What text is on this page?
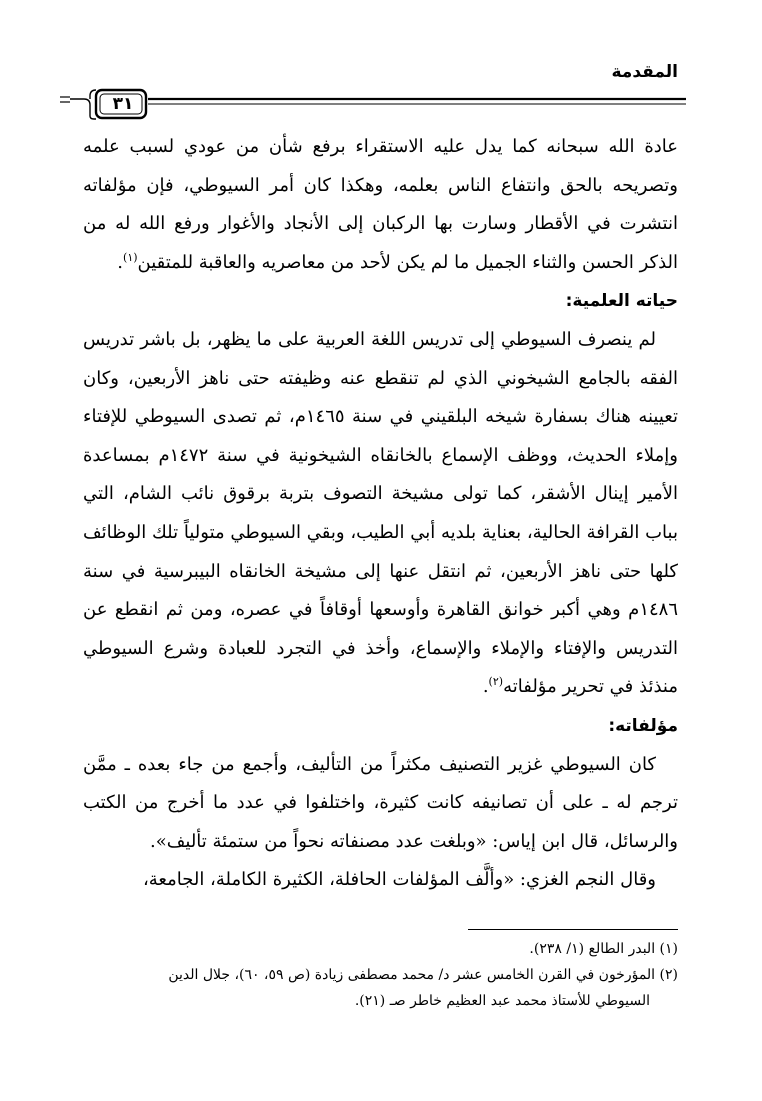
المقدمة
٣١

عادة الله سبحانه كما يدل عليه الاستقراء برفع شأن من عودي لسبب علمه وتصريحه بالحق وانتفاع الناس بعلمه، وهكذا كان أمر السيوطي، فإن مؤلفاته انتشرت في الأقطار وسارت بها الركبان إلى الأنجاد والأغوار ورفع الله له من الذكر الحسن والثناء الجميل ما لم يكن لأحد من معاصريه والعاقبة للمتقين$^{(١)}$.

حياته العلمية:

لم ينصرف السيوطي إلى تدريس اللغة العربية على ما يظهر، بل باشر تدريس الفقه بالجامع الشيخوني الذي لم تنقطع عنه وظيفته حتى ناهز الأربعين، وكان تعيينه هناك بسفارة شيخه البلقيني في سنة ١٤٦٥م، ثم تصدى السيوطي للإفتاء وإملاء الحديث، ووظف الإسماع بالخانقاه الشيخونية في سنة ١٤٧٢م بمساعدة الأمير إينال الأشقر، كما تولى مشيخة التصوف بتربة برقوق نائب الشام، التي بباب القرافة الحالية، بعناية بلديه أبي الطيب، وبقي السيوطي متولياً تلك الوظائف كلها حتى ناهز الأربعين، ثم انتقل عنها إلى مشيخة الخانقاه البيبرسية في سنة ١٤٨٦م وهي أكبر خوانق القاهرة وأوسعها أوقافاً في عصره، ومن ثم انقطع عن التدريس والإفتاء والإملاء والإسماع، وأخذ في التجرد للعبادة وشرع السيوطي منذئذ في تحرير مؤلفاته$^{(٢)}$.

مؤلفاته:

كان السيوطي غزير التصنيف مكثراً من التأليف، وأجمع من جاء بعده ـ ممَّن ترجم له ـ على أن تصانيفه كانت كثيرة، واختلفوا في عدد ما أخرج من الكتب والرسائل، قال ابن إياس: «وبلغت عدد مصنفاته نحواً من ستمئة تأليف».

وقال النجم الغزي: «وألَّف المؤلفات الحافلة، الكثيرة الكاملة، الجامعة،

(١) البدر الطالع (١/ ٢٣٨).

(٢) المؤرخون في القرن الخامس عشر د/ محمد مصطفى زيادة (ص ٥٩، ٦٠)، جلال الدين

السيوطي للأستاذ محمد عبد العظيم خاطر صـ (٢١).
